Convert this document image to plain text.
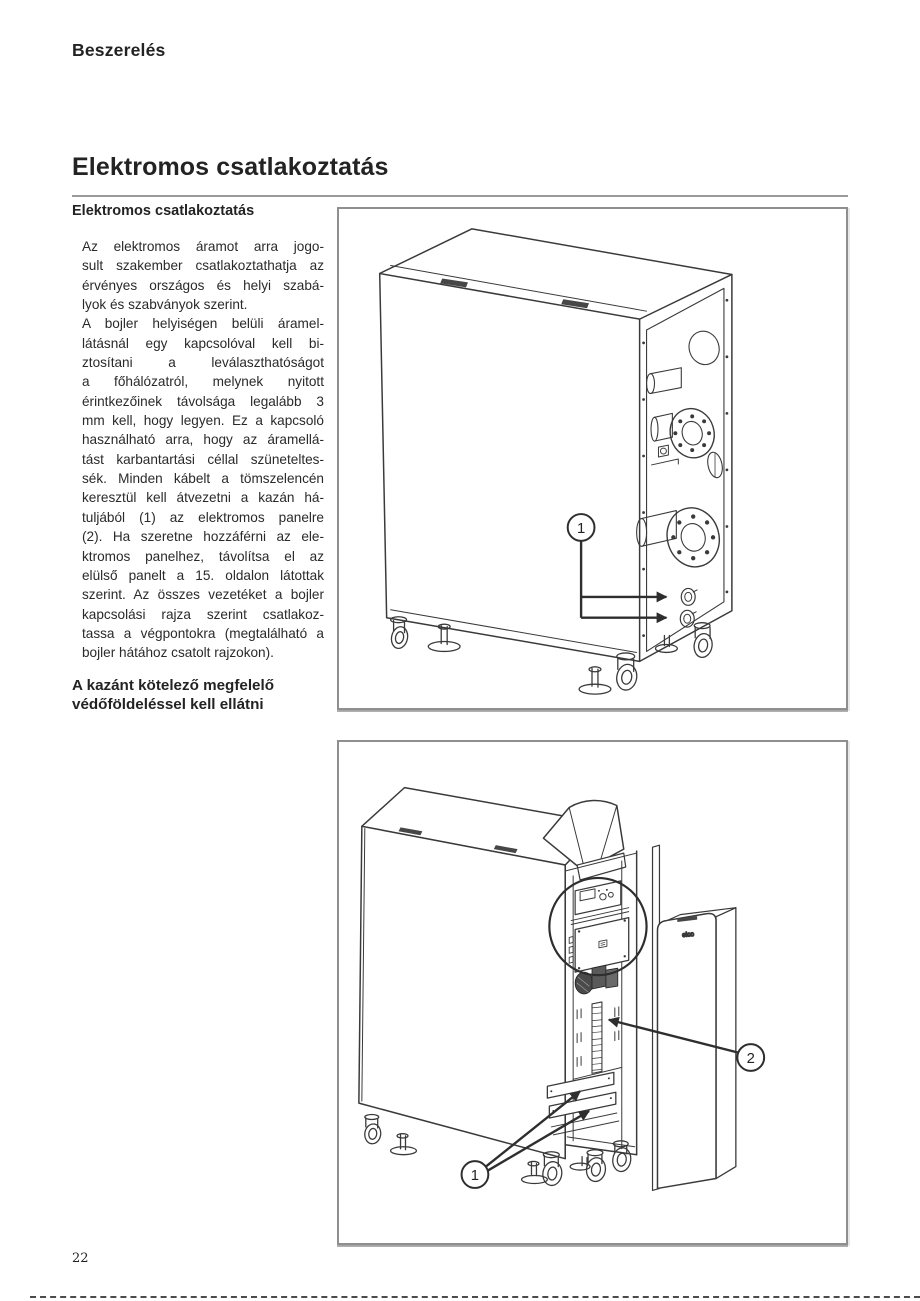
Beszerelés
Elektromos csatlakoztatás
Elektromos csatlakoztatás
Az elektromos áramot arra jogo-
sult szakember csatlakoztathatja az
érvényes országos és helyi szabá-
lyok és szabványok szerint.
A bojler helyiségen belüli áramel-
látásnál egy kapcsolóval kell bi-
ztosítani a leválaszthatóságot
a főhálózatról, melynek nyitott
érintkezőinek távolsága legalább 3
mm kell, hogy legyen. Ez a kapcsoló
használható arra, hogy az áramellá-
tást karbantartási céllal szüneteltes-
sék. Minden kábelt a tömszelencén
keresztül kell átvezetni a kazán há-
tuljából (1) az elektromos panelre
(2). Ha szeretne hozzáférni az ele-
ktromos panelhez, távolítsa el az
elülső panelt a 15. oldalon látottak
szerint. Az összes vezetéket a bojler
kapcsolási rajza szerint csatlakoz-
tassa a végpontokra (megtalálható a
bojler hátához csatolt rajzokon).
A kazánt kötelező megfelelő
védőföldeléssel kell ellátni
1
elco
2
1
22
